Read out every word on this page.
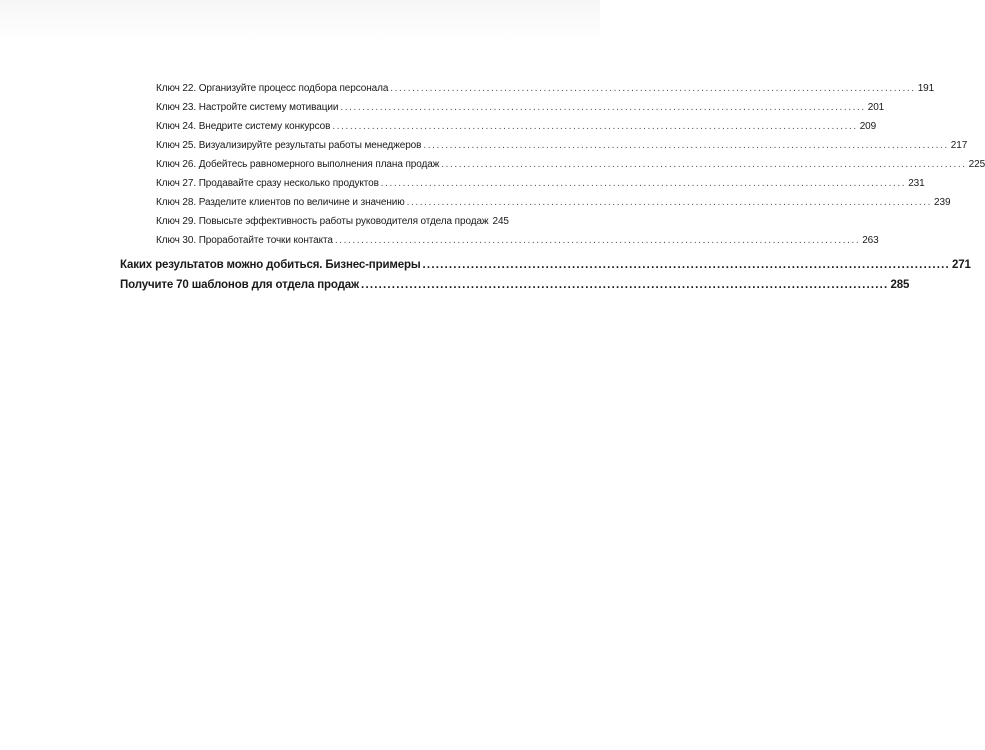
Ключ 22. Организуйте процесс подбора персонала ........................................................................................................................ 191
Ключ 23. Настройте систему мотивации ........................................................................................................................ 201
Ключ 24. Внедрите систему конкурсов ........................................................................................................................ 209
Ключ 25. Визуализируйте результаты работы менеджеров ........................................................................................................................ 217
Ключ 26. Добейтесь равномерного выполнения плана продаж ........................................................................................................................ 225
Ключ 27. Продавайте сразу несколько продуктов ........................................................................................................................ 231
Ключ 28. Разделите клиентов по величине и значению ........................................................................................................................ 239
Ключ 29. Повысьте эффективность работы руководителя отдела продаж 245
Ключ 30. Проработайте точки контакта ........................................................................................................................ 263
Каких результатов можно добиться. Бизнес-примеры ........................................................................................................................ 271
Получите 70 шаблонов для отдела продаж ........................................................................................................................ 285
